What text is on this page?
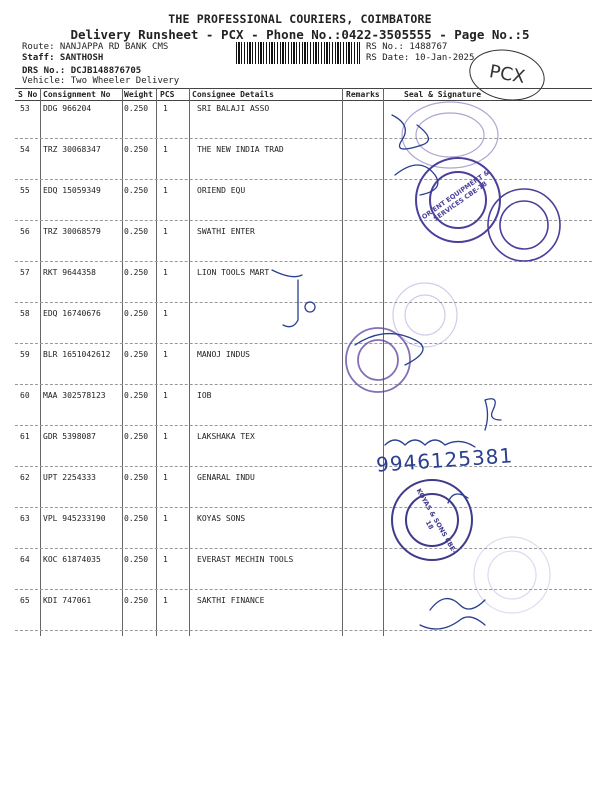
THE PROFESSIONAL COURIERS, COIMBATORE
Delivery Runsheet - PCX - Phone No.:0422-3505555 - Page No.:5
Route: NANJAPPA RD BANK CMS
Staff: SANTHOSH
DRS No.: DCJB148876705
Vehicle: Two Wheeler Delivery
RS No.: 1488767
RS Date: 10-Jan-2025
PCX
S No Consignment No Weight PCS Consignee Details	Remarks	Seal & Signature
53 DDG 966204	0.250 1	SRI BALAJI ASSO
54 TRZ 30068347	0.250 1	THE NEW INDIA TRAD
55 EDQ 15059349	0.250 1	ORIEND EQU
56 TRZ 30068579	0.250 1	SWATHI ENTER
57 RKT 9644358	0.250 1	LION TOOLS MART
58 EDQ 16740676	0.250 1
59 BLR 1651042612 0.250 1	MANOJ INDUS
60 MAA 302578123 0.250 1	IOB
61 GDR 5398087	0.250 1	LAKSHAKA TEX
62 UPT 2254333	0.250 1	GENARAL INDU
63 VPL 945233190 0.250 1	KOYAS SONS
64 KOC 61874035	0.250 1	EVERAST MECHIN TOOLS
65 KDI 747061	0.250 1	SAKTHI FINANCE
9946125381
ORIENT EQUIPMENT & SERVICES CBE-18
KOYAS & SONS CBE-18
